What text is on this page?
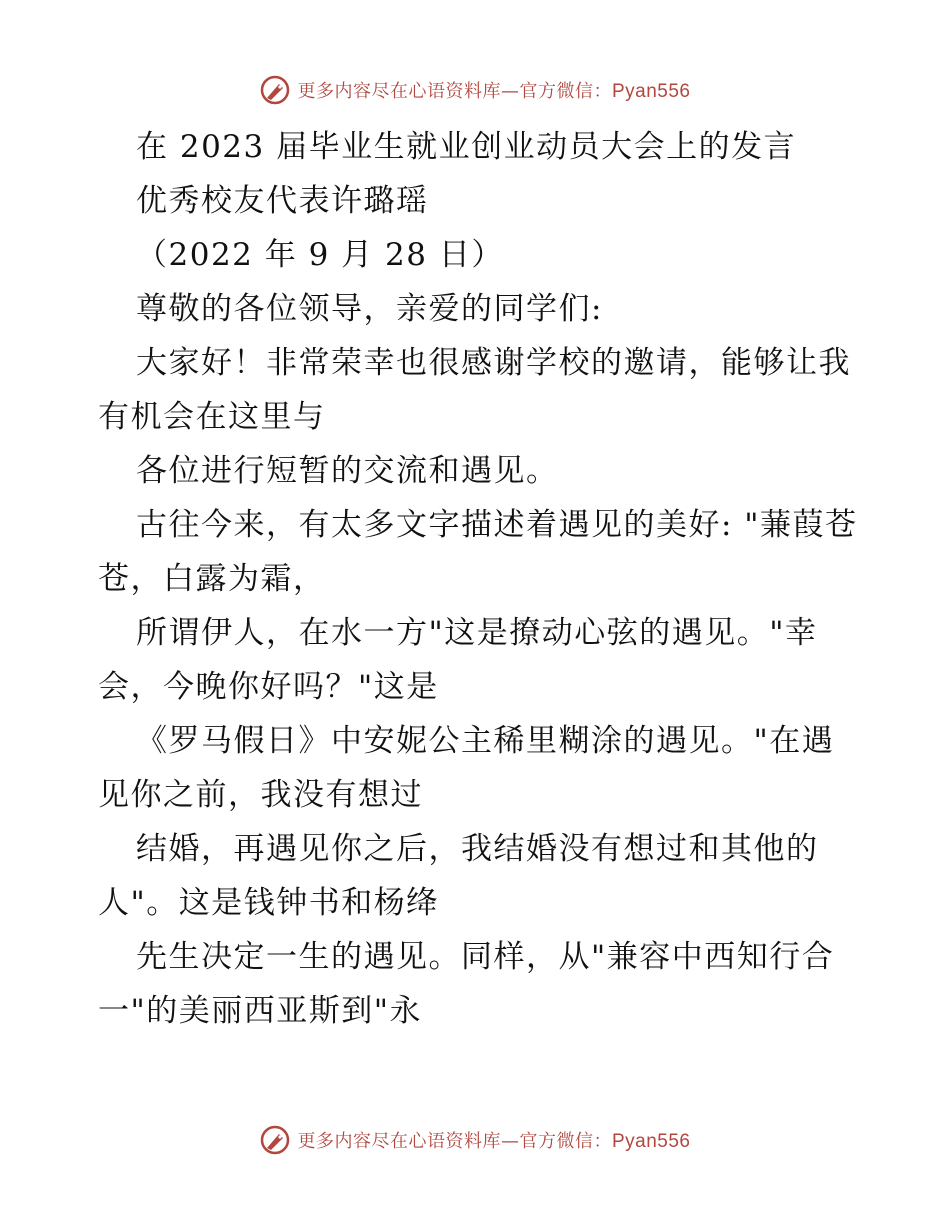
更多内容尽在心语资料库—官方微信：Pyan556

在 2023 届毕业生就业创业动员大会上的发言

优秀校友代表许璐瑶

（2022 年 9 月 28 日）

尊敬的各位领导，亲爱的同学们:

大家好！非常荣幸也很感谢学校的邀请，能够让我有机会在这里与

各位进行短暂的交流和遇见。

古往今来，有太多文字描述着遇见的美好: "蒹葭苍苍，白露为霜，

所谓伊人，在水一方"这是撩动心弦的遇见。"幸会，今晚你好吗？"这是

《罗马假日》中安妮公主稀里糊涂的遇见。"在遇见你之前，我没有想过

结婚，再遇见你之后，我结婚没有想过和其他的人"。这是钱钟书和杨绛

先生决定一生的遇见。同样，从"兼容中西知行合一"的美丽西亚斯到"永

更多内容尽在心语资料库—官方微信：Pyan556
